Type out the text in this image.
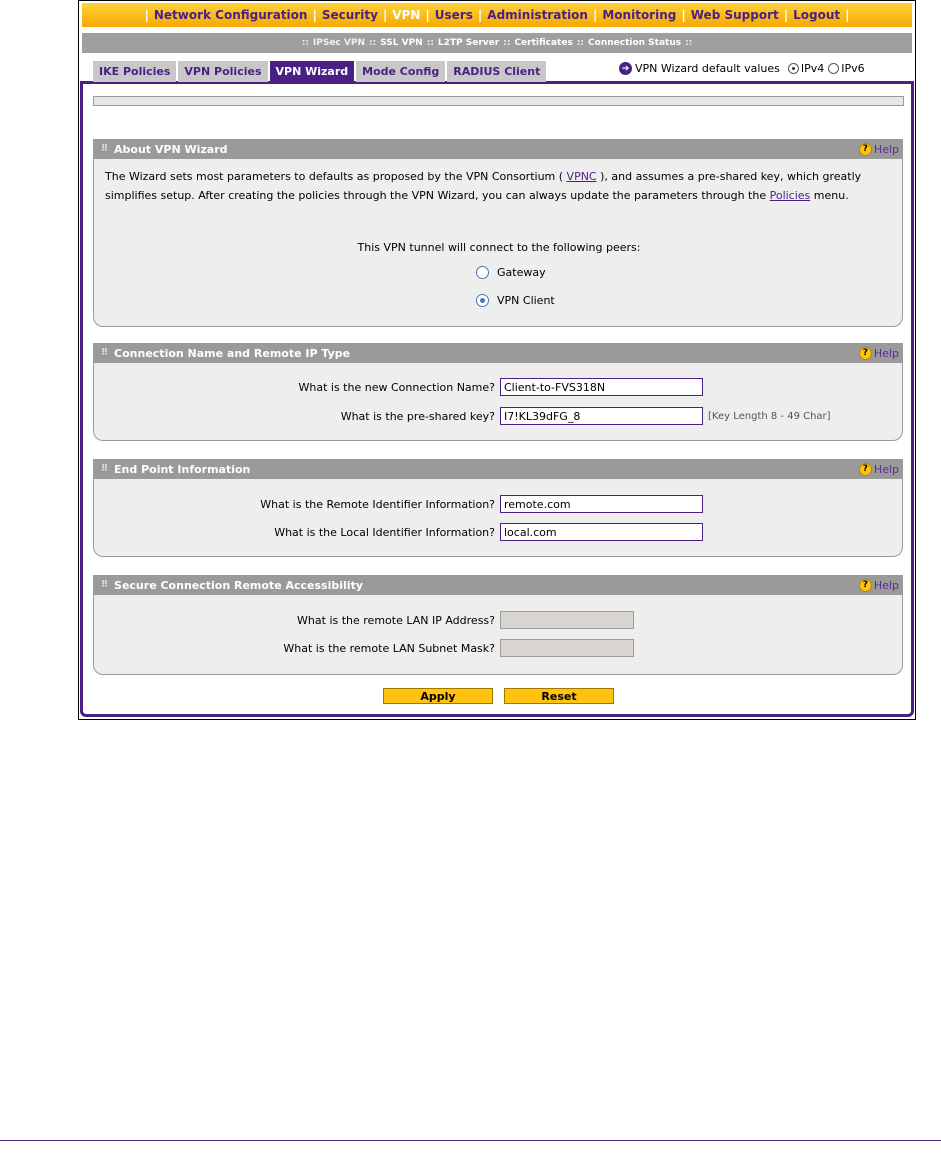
| Network Configuration | Security | VPN | Users | Administration | Monitoring | Web Support | Logout |
:: IPSec VPN :: SSL VPN :: L2TP Server :: Certificates :: Connection Status ::
IKE Policies	VPN Policies	VPN Wizard	Mode Config	RADIUS Client	➔ VPN Wizard default values IPv4 IPv6
⠿ About VPN Wizard	? Help
The Wizard sets most parameters to defaults as proposed by the VPN Consortium ( VPNC ), and assumes a pre-shared key, which greatly simplifies setup. After creating the policies through the VPN Wizard, you can always update the parameters through the Policies menu.
This VPN tunnel will connect to the following peers:
Gateway
VPN Client
⠿ Connection Name and Remote IP Type	? Help
What is the new Connection Name? Client-to-FVS318N
What is the pre-shared key? I7!KL39dFG_8	[Key Length 8 - 49 Char]
⠿ End Point Information	? Help
What is the Remote Identifier Information? remote.com
What is the Local Identifier Information? local.com
⠿ Secure Connection Remote Accessibility	? Help
What is the remote LAN IP Address?
What is the remote LAN Subnet Mask?
Apply	Reset
